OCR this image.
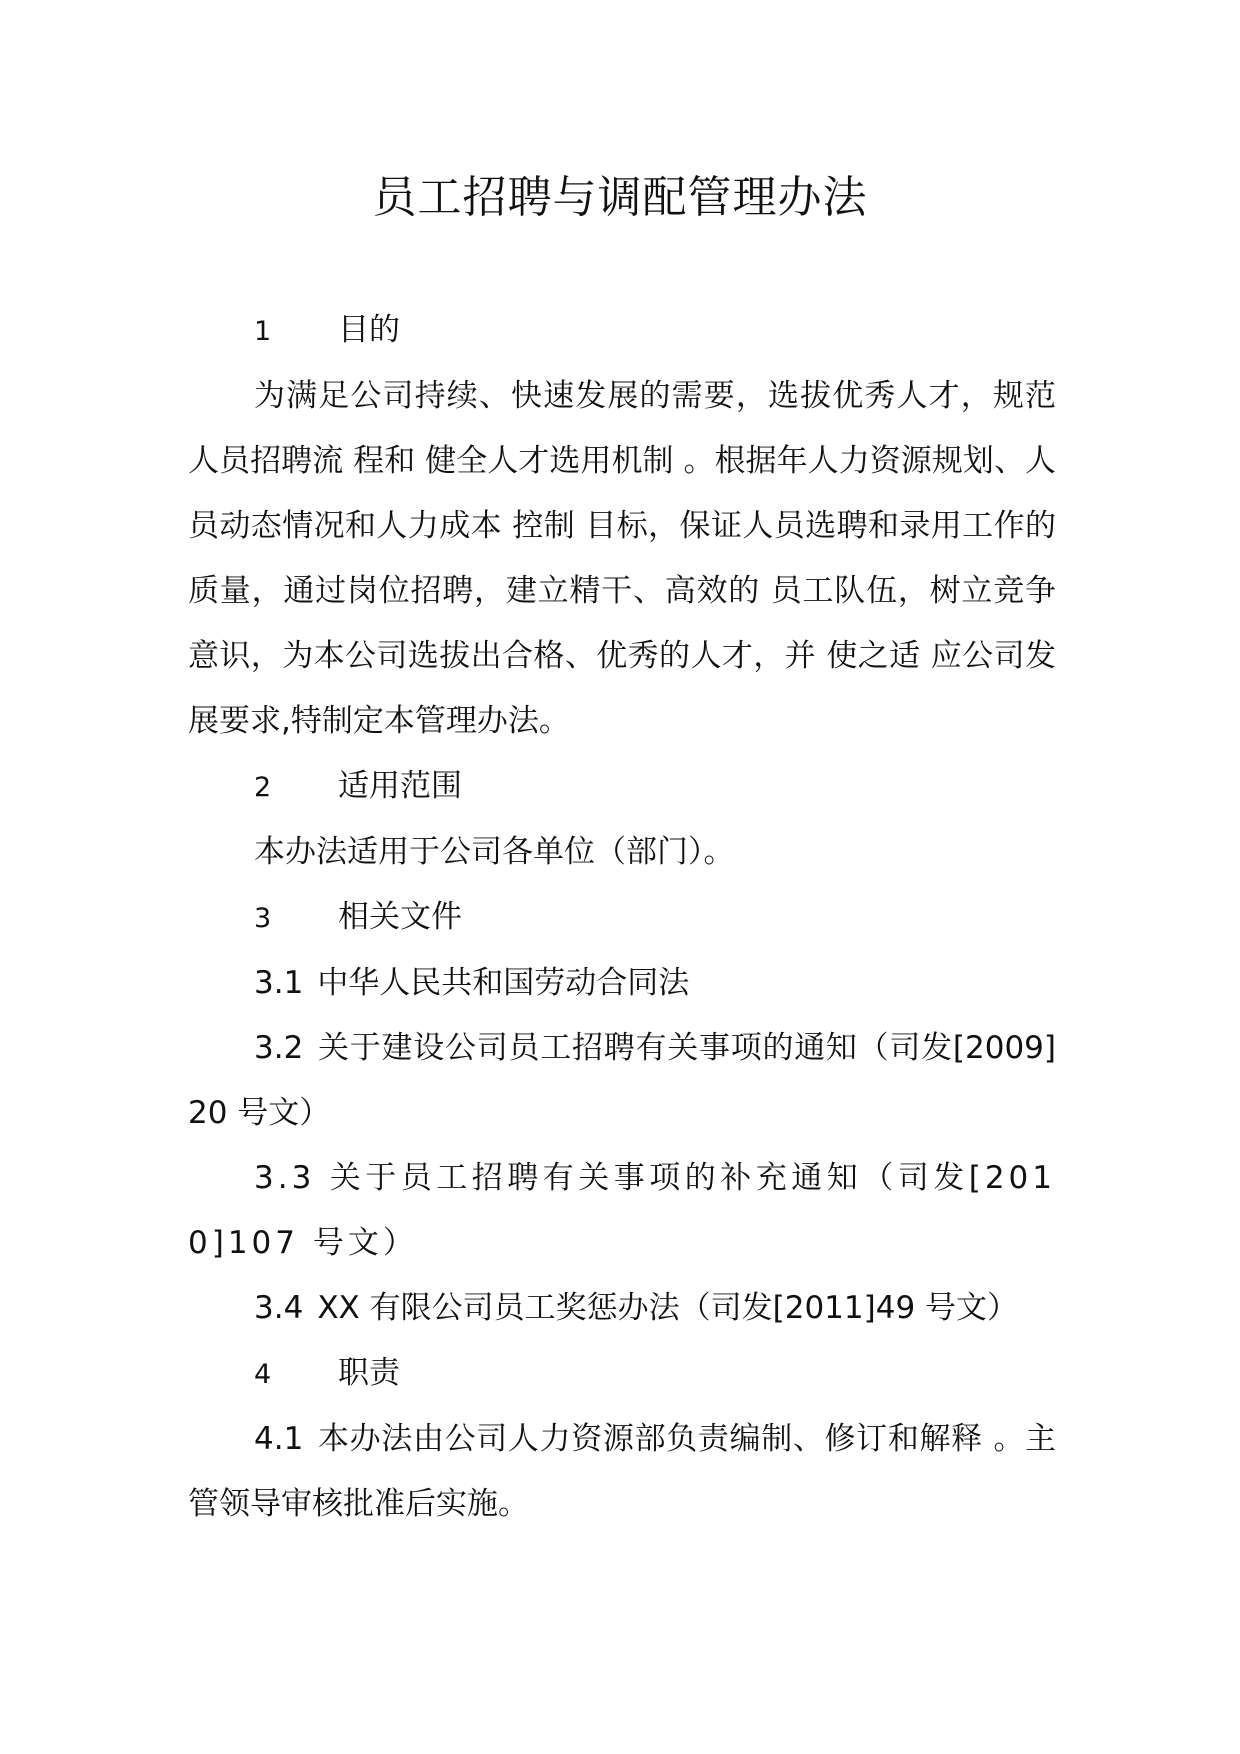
员工招聘与调配管理办法

1 目的

为满足公司持续、快速发展的需要，选拔优秀人才，规范人员招聘流 程和 健全人才选用机制 。根据年人力资源规划、人员动态情况和人力成本 控制 目标，保证人员选聘和录用工作的质量，通过岗位招聘，建立精干、高效的 员工队伍，树立竞争意识，为本公司选拔出合格、优秀的人才，并 使之适 应公司发展要求,特制定本管理办法。

2 适用范围

本办法适用于公司各单位（部门）。

3 相关文件

3.1 中华人民共和国劳动合同法

3.2 关于建设公司员工招聘有关事项的通知（司发[2009]20 号文）

3.3 关于员工招聘有关事项的补充通知（司发[2010]107 号文）

3.4 XX 有限公司员工奖惩办法（司发[2011]49 号文）

4 职责

4.1 本办法由公司人力资源部负责编制、修订和解释 。主管领导审核批准后实施。
